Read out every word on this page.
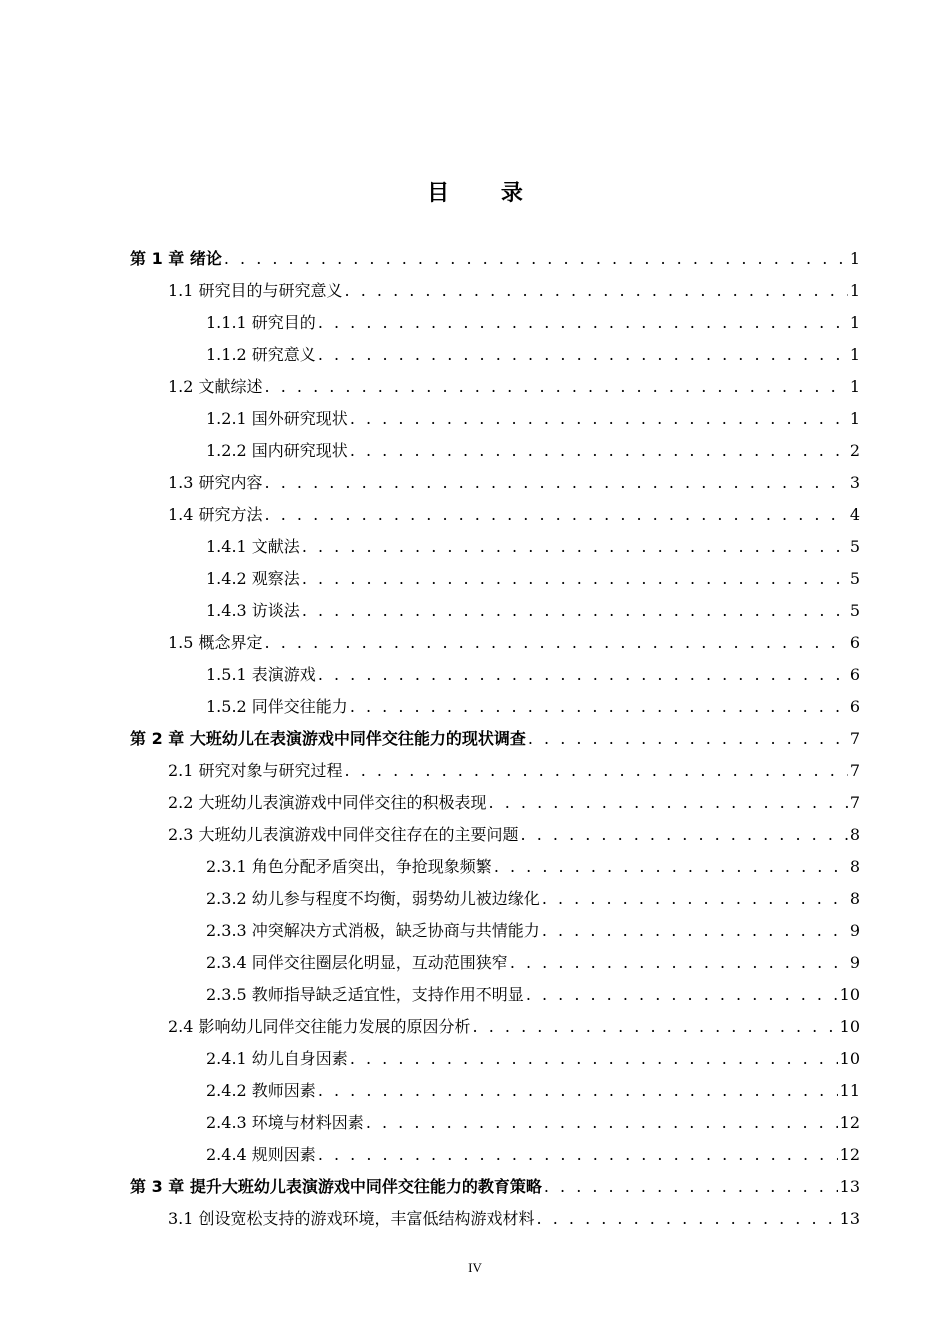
目 录
第 1 章 绪论 . . .	1
1.1 研究目的与研究意义 . . .	1
1.1.1 研究目的 . . .	1
1.1.2 研究意义 . . .	1
1.2 文献综述 . . .	1
1.2.1 国外研究现状 . . .	1
1.2.2 国内研究现状 . . .	2
1.3 研究内容 . . .	3
1.4 研究方法 . . .	4
1.4.1 文献法 . . .	5
1.4.2 观察法 . . .	5
1.4.3 访谈法 . . .	5
1.5 概念界定 . . .	6
1.5.1 表演游戏 . . .	6
1.5.2 同伴交往能力 . . .	6
第 2 章 大班幼儿在表演游戏中同伴交往能力的现状调查 . . .	7
2.1 研究对象与研究过程 . . .	7
2.2 大班幼儿表演游戏中同伴交往的积极表现 . . .	7
2.3 大班幼儿表演游戏中同伴交往存在的主要问题 . . .	8
2.3.1 角色分配矛盾突出，争抢现象频繁 . . .	8
2.3.2 幼儿参与程度不均衡，弱势幼儿被边缘化 . . .	8
2.3.3 冲突解决方式消极，缺乏协商与共情能力 . . .	9
2.3.4 同伴交往圈层化明显，互动范围狭窄 . . .	9
2.3.5 教师指导缺乏适宜性，支持作用不明显 . . .	10
2.4 影响幼儿同伴交往能力发展的原因分析 . . .	10
2.4.1 幼儿自身因素 . . .	10
2.4.2 教师因素 . . .	11
2.4.3 环境与材料因素 . . .	12
2.4.4 规则因素 . . .	12
第 3 章 提升大班幼儿表演游戏中同伴交往能力的教育策略 . . .	13
3.1 创设宽松支持的游戏环境，丰富低结构游戏材料 . . .	13
IV
